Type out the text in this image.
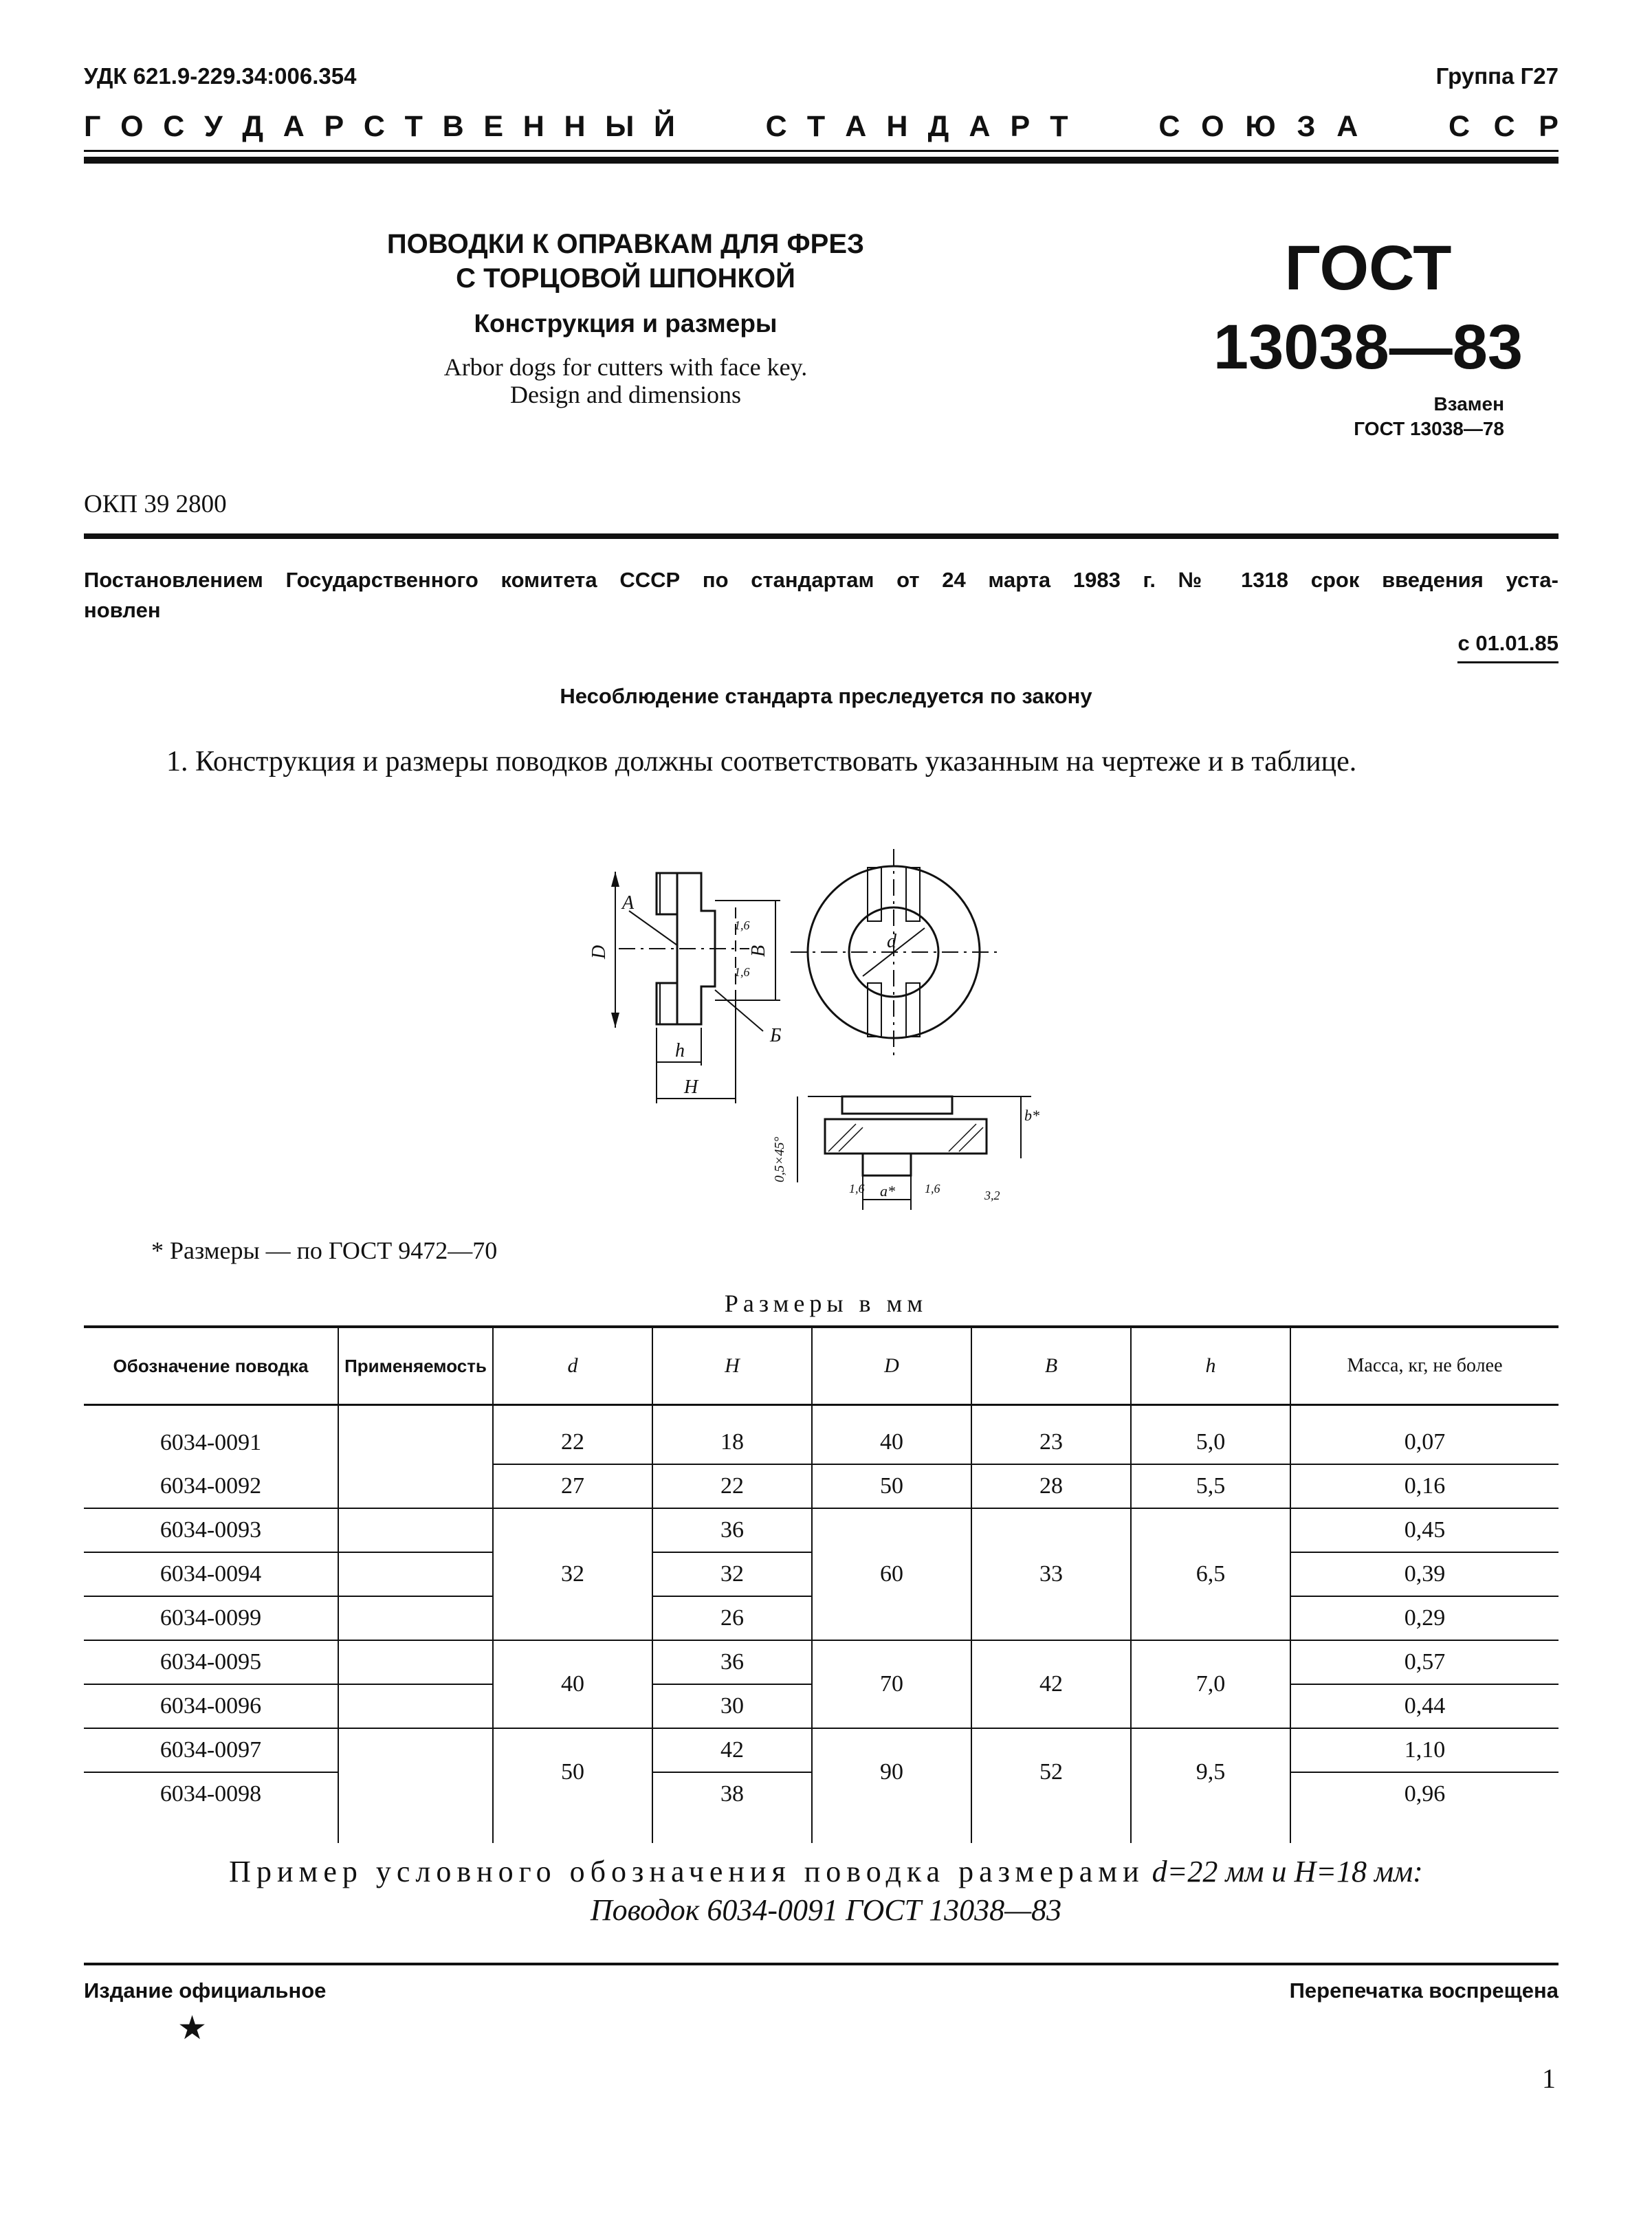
УДК 621.9-229.34:006.354	Группа Г27
Г О С У Д А Р С Т В Е Н Н Ы Й	С Т А Н Д А Р Т	С О Ю З А	С С Р
ПОВОДКИ К ОПРАВКАМ ДЛЯ ФРЕЗ
С ТОРЦОВОЙ ШПОНКОЙ
Конструкция и размеры
Arbor dogs for cutters with face key.
Design and dimensions
ГОСТ
13038—83
Взамен
ГОСТ 13038—78
ОКП 39 2800
Постановлением Государственного комитета СССР по стандартам от 24 марта 1983 г. № 1318 срок введения уста-
новлен
с 01.01.85
Несоблюдение стандарта преследуется по закону
1. Конструкция и размеры поводков должны соответствовать указанным на чертеже и в таблице.
А
Б
D	B
h
H
d
1,6
1,6
0,5×45°
b*
a*
1,6	1,6	3,2
* Размеры — по ГОСТ 9472—70
Размеры в мм
Обозначение поводка	Применяемость	d	H	D	B	h	Масса, кг, не более

6034-0091		22	18	40	23	5,0	0,07
6034-0092		27	22	50	28	5,5	0,16
6034-0093		32	36	60	33	6,5	0,45
6034-0094			32				0,39
6034-0099			26				0,29
6034-0095		40	36	70	42	7,0	0,57
6034-0096			30				0,44
6034-0097		50	42	90	52	9,5	1,10
6034-0098			38				0,96

Пример условного обозначения поводка размерами d=22 мм и H=18 мм:
Поводок 6034-0091 ГОСТ 13038—83
Издание официальное	Перепечатка воспрещена
★
1
